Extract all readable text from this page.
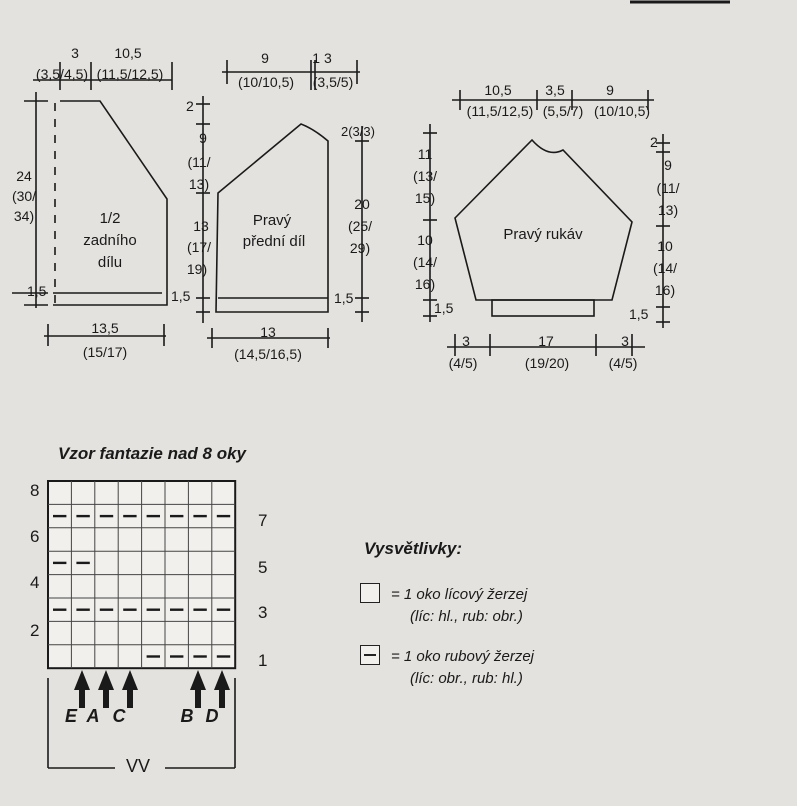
3
(3,5/4,5)
10,5
(11,5/12,5)
24
(30/
34)
1,5
1/2
zadního
dílu
13,5
(15/17)
9
(10/10,5)
1 3
(3,5/5)
2
9
(11/
13)
13
(17/
19)
1,5
2(3/3)
20
(25/
29)
1,5
Pravý
přední díl
13
(14,5/16,5)
10,5
(11,5/12,5)
3,5
(5,5/7)
9
(10/10,5)
11
(13/
15)
10
(14/
16)
1,5
2
9
(11/
13)
10
(14/
16)
1,5
Pravý rukáv
3
(4/5)
17
(19/20)
3
(4/5)
Vzor fantazie nad 8 oky
8
6
4
2
7
5
3
1
E A C	B D
VV
Vysvětlivky:
= 1 oko lícový žerzej
(líc: hl., rub: obr.)
= 1 oko rubový žerzej
(líc: obr., rub: hl.)
